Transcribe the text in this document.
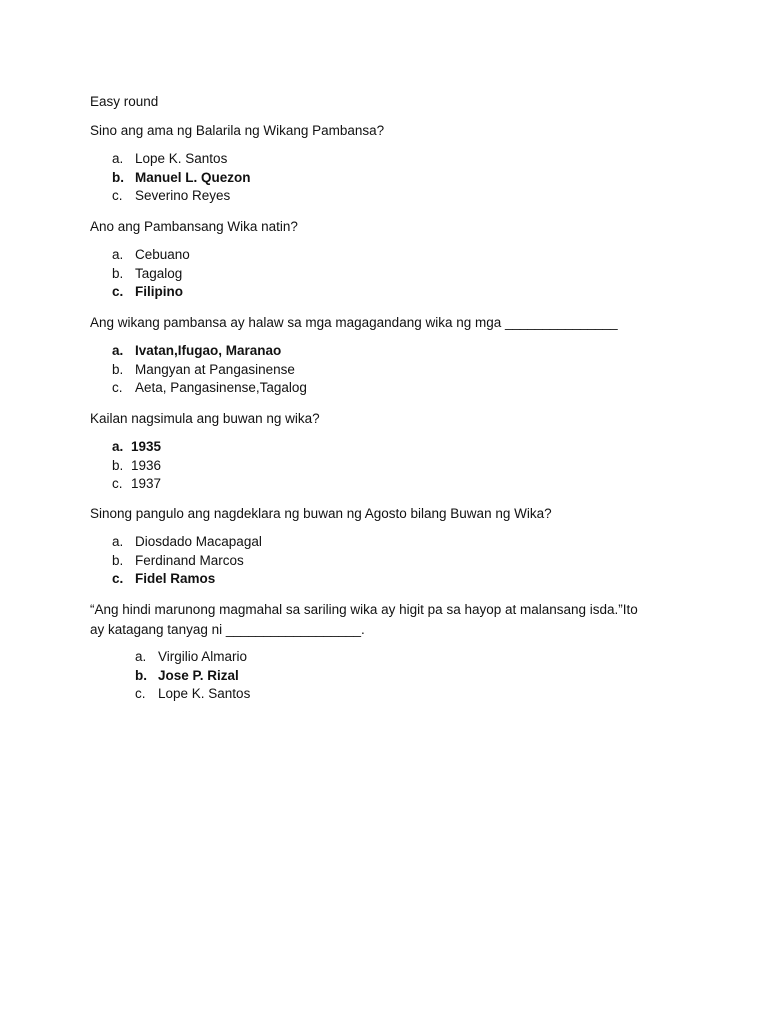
Easy round
Sino ang ama ng Balarila ng Wikang Pambansa?
a. Lope K. Santos
b. Manuel L. Quezon
c. Severino Reyes
Ano ang Pambansang Wika natin?
a. Cebuano
b. Tagalog
c. Filipino
Ang wikang pambansa ay halaw sa mga magagandang wika ng mga _______________
a. Ivatan,Ifugao, Maranao
b. Mangyan at Pangasinense
c. Aeta, Pangasinense,Tagalog
Kailan nagsimula ang buwan ng wika?
a. 1935
b. 1936
c. 1937
Sinong pangulo ang nagdeklara ng buwan ng Agosto bilang Buwan ng Wika?
a. Diosdado Macapagal
b. Ferdinand Marcos
c. Fidel Ramos
“Ang hindi marunong magmahal sa sariling wika ay higit pa sa hayop at malansang isda.”Ito ay katagang tanyag ni __________________.
a. Virgilio Almario
b. Jose P. Rizal
c. Lope K. Santos
